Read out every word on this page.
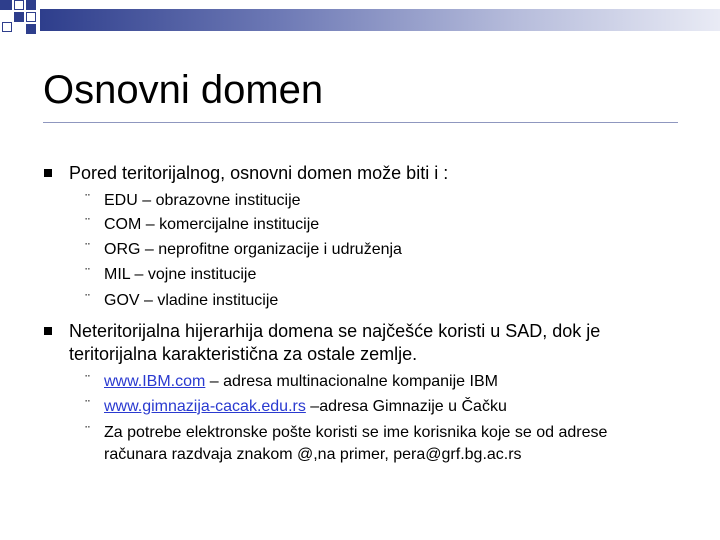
Osnovni domen
Pored teritorijalnog, osnovni domen može biti i :
¨ EDU – obrazovne institucije
¨ COM – komercijalne institucije
¨ ORG – neprofitne organizacije i udruženja
¨ MIL – vojne institucije
¨ GOV – vladine institucije
Neteritorijalna hijerarhija domena se najčešće koristi u SAD, dok je
teritorijalna karakteristična za ostale zemlje.
¨ www.IBM.com – adresa multinacionalne kompanije IBM
¨ www.gimnazija-cacak.edu.rs –adresa Gimnazije u Čačku
¨ Za potrebe elektronske pošte koristi se ime korisnika koje se od adrese
računara razdvaja znakom @,na primer, pera@grf.bg.ac.rs
